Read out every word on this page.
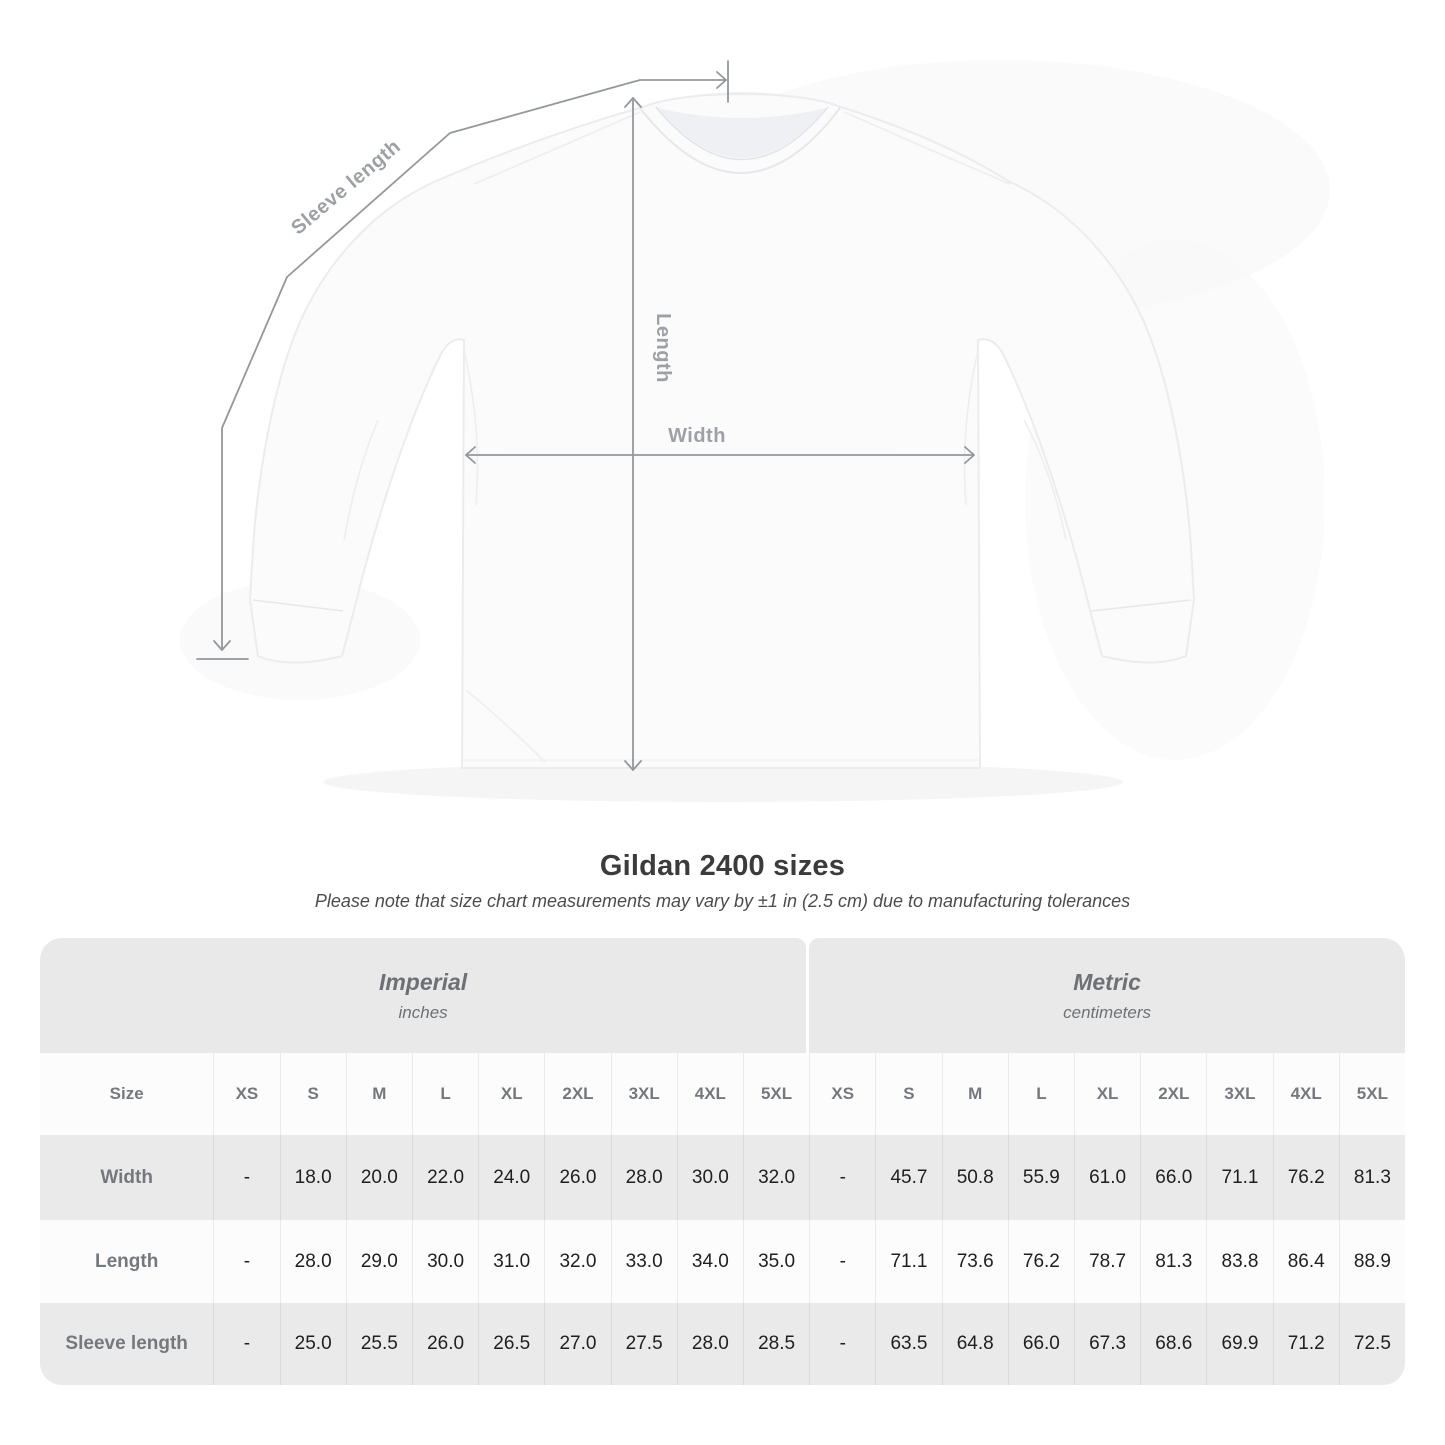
Sleeve length
Length
Width
Gildan 2400 sizes
Please note that size chart measurements may vary by ±1 in (2.5 cm) due to manufacturing tolerances
Imperial
inches
Metric
centimeters
Size	XS	S	M	L	XL 2XL 3XL 4XL 5XL XS	S	M	L	XL 2XL 3XL 4XL 5XL
Width	- 18.0 20.0 22.0 24.0 26.0 28.0 30.0 32.0 - 45.7 50.8 55.9 61.0 66.0 71.1 76.2 81.3
Length	- 28.0 29.0 30.0 31.0 32.0 33.0 34.0 35.0 - 71.1 73.6 76.2 78.7 81.3 83.8 86.4 88.9
Sleeve length	- 25.0 25.5 26.0 26.5 27.0 27.5 28.0 28.5 - 63.5 64.8 66.0 67.3 68.6 69.9 71.2 72.5
